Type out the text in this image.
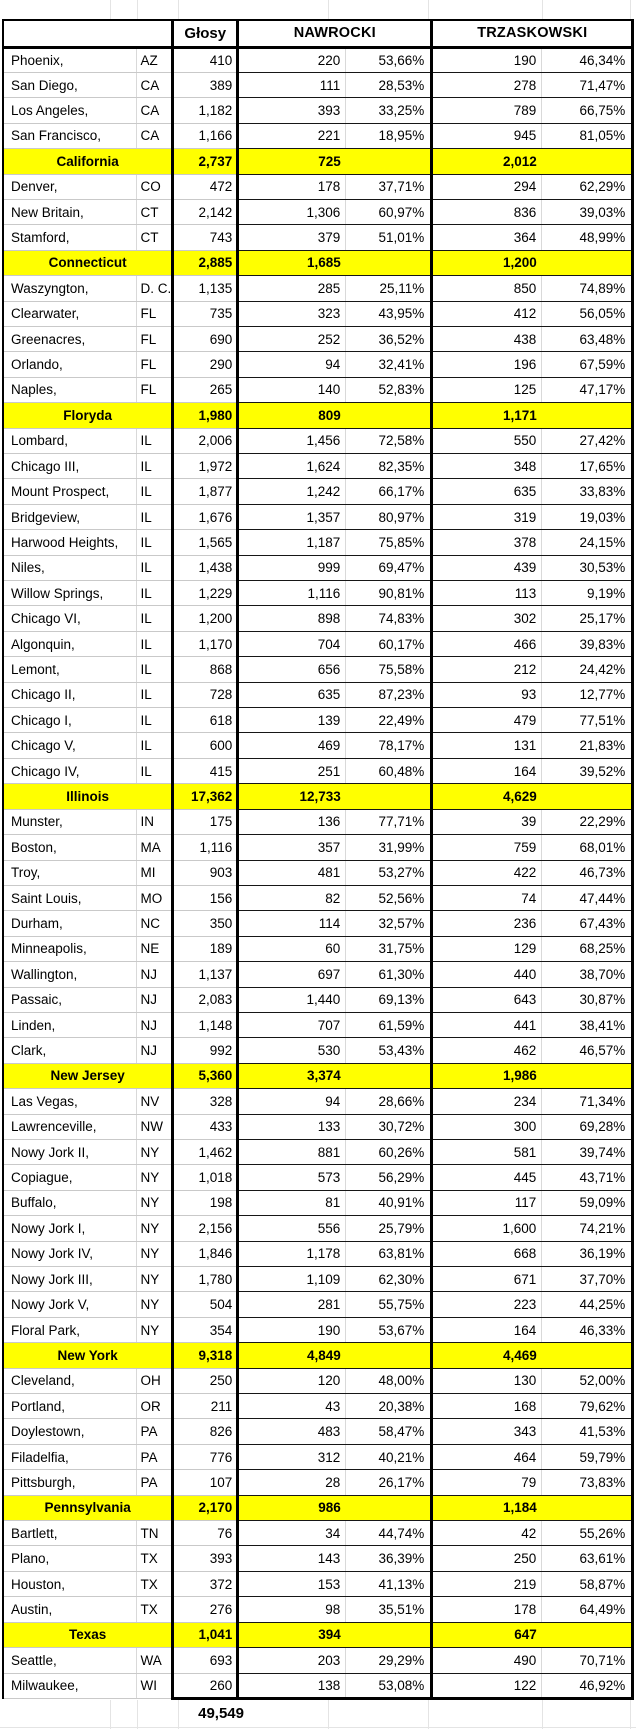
		Głosy	NAWROCKI		TRZASKOWSKI	
Phoenix,	AZ	410	220	53,66%	190	46,34%
San Diego,	CA	389	111	28,53%	278	71,47%
Los Angeles,	CA	1,182	393	33,25%	789	66,75%
San Francisco,	CA	1,166	221	18,95%	945	81,05%
California		2,737	725		2,012	
Denver,	CO	472	178	37,71%	294	62,29%
New Britain,	CT	2,142	1,306	60,97%	836	39,03%
Stamford,	CT	743	379	51,01%	364	48,99%
Connecticut		2,885	1,685		1,200	
Waszyngton,	D. C.	1,135	285	25,11%	850	74,89%
Clearwater,	FL	735	323	43,95%	412	56,05%
Greenacres,	FL	690	252	36,52%	438	63,48%
Orlando,	FL	290	94	32,41%	196	67,59%
Naples,	FL	265	140	52,83%	125	47,17%
Floryda		1,980	809		1,171	
Lombard,	IL	2,006	1,456	72,58%	550	27,42%
Chicago III,	IL	1,972	1,624	82,35%	348	17,65%
Mount Prospect,	IL	1,877	1,242	66,17%	635	33,83%
Bridgeview,	IL	1,676	1,357	80,97%	319	19,03%
Harwood Heights,	IL	1,565	1,187	75,85%	378	24,15%
Niles,	IL	1,438	999	69,47%	439	30,53%
Willow Springs,	IL	1,229	1,116	90,81%	113	9,19%
Chicago VI,	IL	1,200	898	74,83%	302	25,17%
Algonquin,	IL	1,170	704	60,17%	466	39,83%
Lemont,	IL	868	656	75,58%	212	24,42%
Chicago II,	IL	728	635	87,23%	93	12,77%
Chicago I,	IL	618	139	22,49%	479	77,51%
Chicago V,	IL	600	469	78,17%	131	21,83%
Chicago IV,	IL	415	251	60,48%	164	39,52%
Illinois		17,362	12,733		4,629	
Munster,	IN	175	136	77,71%	39	22,29%
Boston,	MA	1,116	357	31,99%	759	68,01%
Troy,	MI	903	481	53,27%	422	46,73%
Saint Louis,	MO	156	82	52,56%	74	47,44%
Durham,	NC	350	114	32,57%	236	67,43%
Minneapolis,	NE	189	60	31,75%	129	68,25%
Wallington,	NJ	1,137	697	61,30%	440	38,70%
Passaic,	NJ	2,083	1,440	69,13%	643	30,87%
Linden,	NJ	1,148	707	61,59%	441	38,41%
Clark,	NJ	992	530	53,43%	462	46,57%
New Jersey		5,360	3,374		1,986	
Las Vegas,	NV	328	94	28,66%	234	71,34%
Lawrenceville,	NW	433	133	30,72%	300	69,28%
Nowy Jork II,	NY	1,462	881	60,26%	581	39,74%
Copiague,	NY	1,018	573	56,29%	445	43,71%
Buffalo,	NY	198	81	40,91%	117	59,09%
Nowy Jork I,	NY	2,156	556	25,79%	1,600	74,21%
Nowy Jork IV,	NY	1,846	1,178	63,81%	668	36,19%
Nowy Jork III,	NY	1,780	1,109	62,30%	671	37,70%
Nowy Jork V,	NY	504	281	55,75%	223	44,25%
Floral Park,	NY	354	190	53,67%	164	46,33%
New York		9,318	4,849		4,469	
Cleveland,	OH	250	120	48,00%	130	52,00%
Portland,	OR	211	43	20,38%	168	79,62%
Doylestown,	PA	826	483	58,47%	343	41,53%
Filadelfia,	PA	776	312	40,21%	464	59,79%
Pittsburgh,	PA	107	28	26,17%	79	73,83%
Pennsylvania		2,170	986		1,184	
Bartlett,	TN	76	34	44,74%	42	55,26%
Plano,	TX	393	143	36,39%	250	63,61%
Houston,	TX	372	153	41,13%	219	58,87%
Austin,	TX	276	98	35,51%	178	64,49%
Texas		1,041	394		647	
Seattle,	WA	693	203	29,29%	490	70,71%
Milwaukee,	WI	260	138	53,08%	122	46,92%
49,549
